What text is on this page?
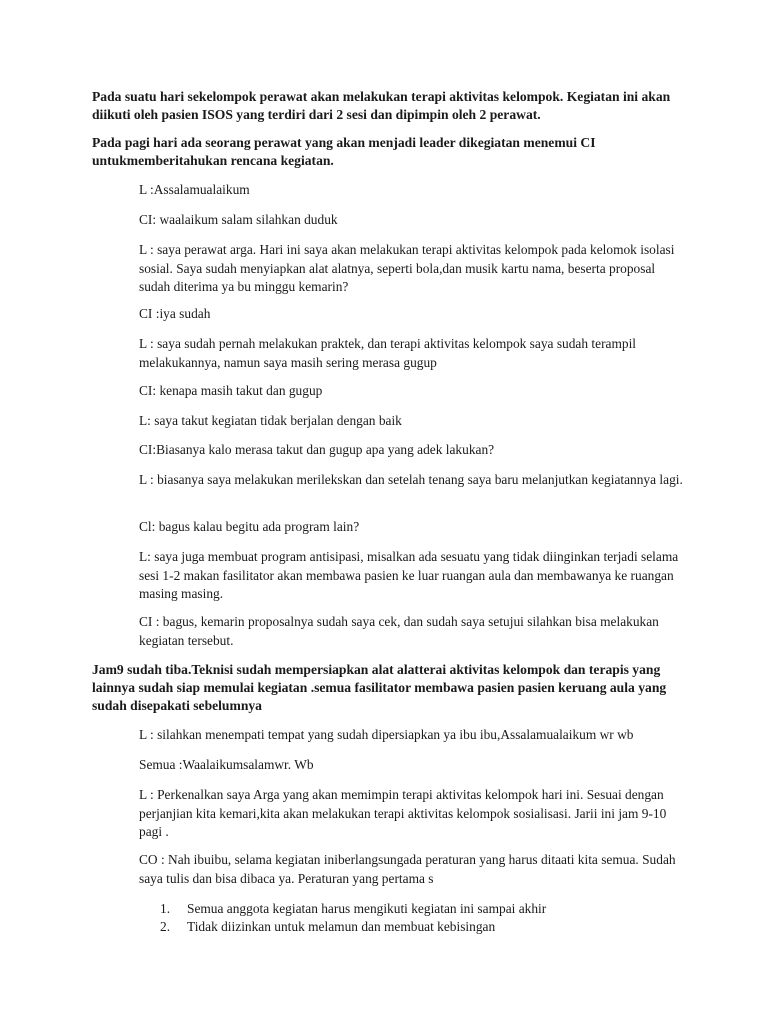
Pada suatu hari sekelompok perawat akan melakukan terapi aktivitas kelompok. Kegiatan ini akan diikuti oleh pasien ISOS yang terdiri dari 2 sesi dan dipimpin oleh 2 perawat.

Pada pagi hari ada seorang perawat yang akan menjadi leader dikegiatan menemui CI untukmemberitahukan rencana kegiatan.

L :Assalamualaikum

CI: waalaikum salam silahkan duduk

L : saya perawat arga. Hari ini saya akan melakukan terapi aktivitas kelompok pada kelomok isolasi sosial. Saya sudah menyiapkan alat alatnya, seperti bola,dan musik kartu nama, beserta proposal sudah diterima ya bu minggu kemarin?

CI :iya sudah

L : saya sudah pernah melakukan praktek, dan terapi aktivitas kelompok saya sudah terampil melakukannya, namun saya masih sering merasa gugup

CI: kenapa masih takut dan gugup

L: saya takut kegiatan tidak berjalan dengan baik

CI:Biasanya kalo merasa takut dan gugup apa yang adek lakukan?

L : biasanya saya melakukan merilekskan dan setelah tenang saya baru melanjutkan kegiatannya lagi.

Cl: bagus kalau begitu ada program lain?

L: saya juga membuat program antisipasi, misalkan ada sesuatu yang tidak diinginkan terjadi selama sesi 1-2 makan fasilitator akan membawa pasien ke luar ruangan aula dan membawanya ke ruangan masing masing.

CI : bagus, kemarin proposalnya sudah saya cek, dan sudah saya setujui silahkan bisa melakukan kegiatan tersebut.

Jam9 sudah tiba.Teknisi sudah mempersiapkan alat alatterai aktivitas kelompok dan terapis yang lainnya sudah siap memulai kegiatan .semua fasilitator membawa pasien pasien keruang aula yang sudah disepakati sebelumnya

L : silahkan menempati tempat yang sudah dipersiapkan ya ibu ibu,Assalamualaikum wr wb

Semua :Waalaikumsalamwr. Wb

L : Perkenalkan saya Arga yang akan memimpin terapi aktivitas kelompok hari ini. Sesuai dengan perjanjian kita kemari,kita akan melakukan terapi aktivitas kelompok sosialisasi. Jarii ini jam 9-10 pagi .

CO : Nah ibuibu, selama kegiatan iniberlangsungada peraturan yang harus ditaati kita semua. Sudah saya tulis dan bisa dibaca ya. Peraturan yang pertama s

1.	Semua anggota kegiatan harus mengikuti kegiatan ini sampai akhir
2.	Tidak diizinkan untuk melamun dan membuat kebisingan
